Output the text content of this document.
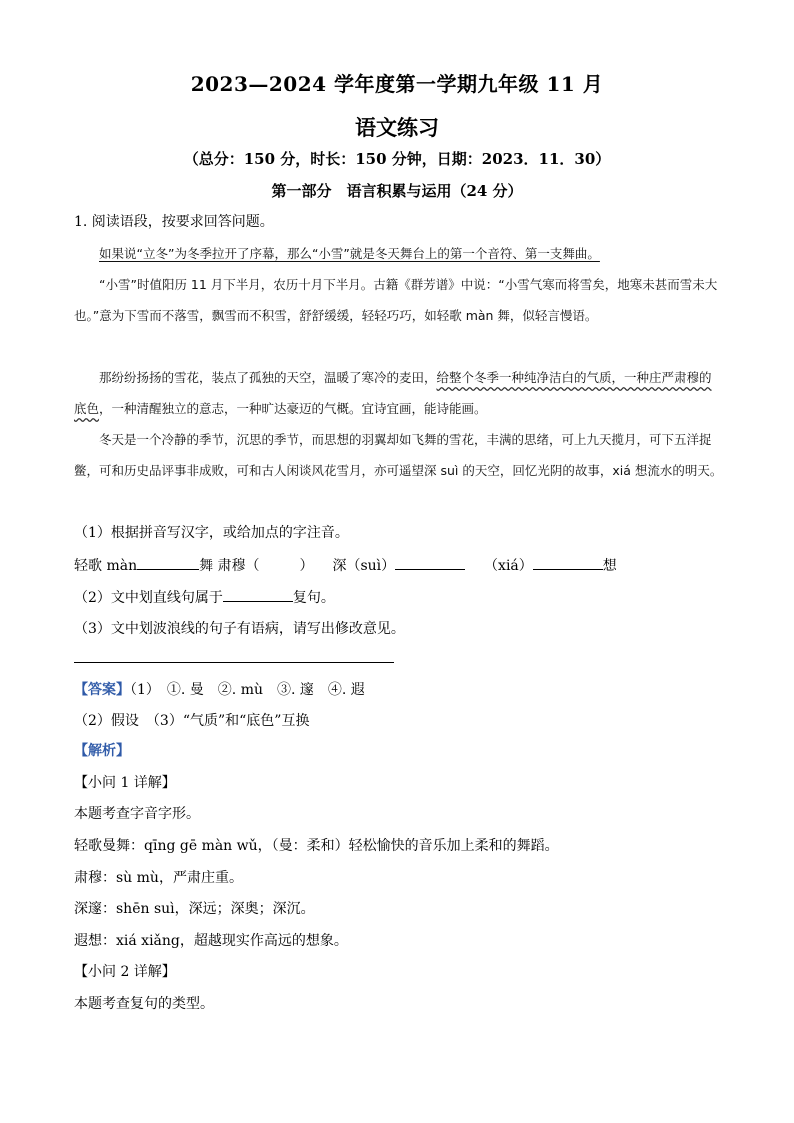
2023—2024 学年度第一学期九年级 11 月
语文练习
（总分：150 分，时长：150 分钟，日期：2023．11．30）
第一部分　语言积累与运用（24 分）
1. 阅读语段，按要求回答问题。
如果说“立冬”为冬季拉开了序幕，那么“小雪”就是冬天舞台上的第一个音符、第一支舞曲。
“小雪”时值阳历 11 月下半月，农历十月下半月。古籍《群芳谱》中说：“小雪气寒而将雪矣，地寒未甚而雪未大也。”意为下雪而不落雪，飘雪而不积雪，舒舒缓缓，轻轻巧巧，如轻歌 màn 舞，似轻言慢语。
那纷纷扬扬的雪花，装点了孤独的天空，温暖了寒冷的麦田，给整个冬季一种纯净洁白的气质，一种庄严肃穆的底色，一种清醒独立的意志，一种旷达豪迈的气概。宜诗宜画，能诗能画。
冬天是一个冷静的季节，沉思的季节，而思想的羽翼却如飞舞的雪花，丰满的思绪，可上九天揽月，可下五洋捉鳖，可和历史品评事非成败，可和古人闲谈风花雪月，亦可遥望深 suì 的天空，回忆光阴的故事，xiá 想流水的明天。
（1）根据拼音写汉字，或给加点的字注音。
轻歌 màn	舞 肃穆（	） 深（suì）	（xiá）	想
（2）文中划直线句属于	复句。
（3）文中划波浪线的句子有语病，请写出修改意见。
【答案】（1）　①. 曼　②. mù　③. 邃　④. 遐
（2）假设　（3）“气质”和“底色”互换
【解析】
【小问 1 详解】
本题考查字音字形。
轻歌曼舞：qīng gē màn wǔ，（曼：柔和）轻松愉快的音乐加上柔和的舞蹈。
肃穆：sù mù，严肃庄重。
深邃：shēn suì，深远；深奥；深沉。
遐想：xiá xiǎng，超越现实作高远的想象。
【小问 2 详解】
本题考查复句的类型。
